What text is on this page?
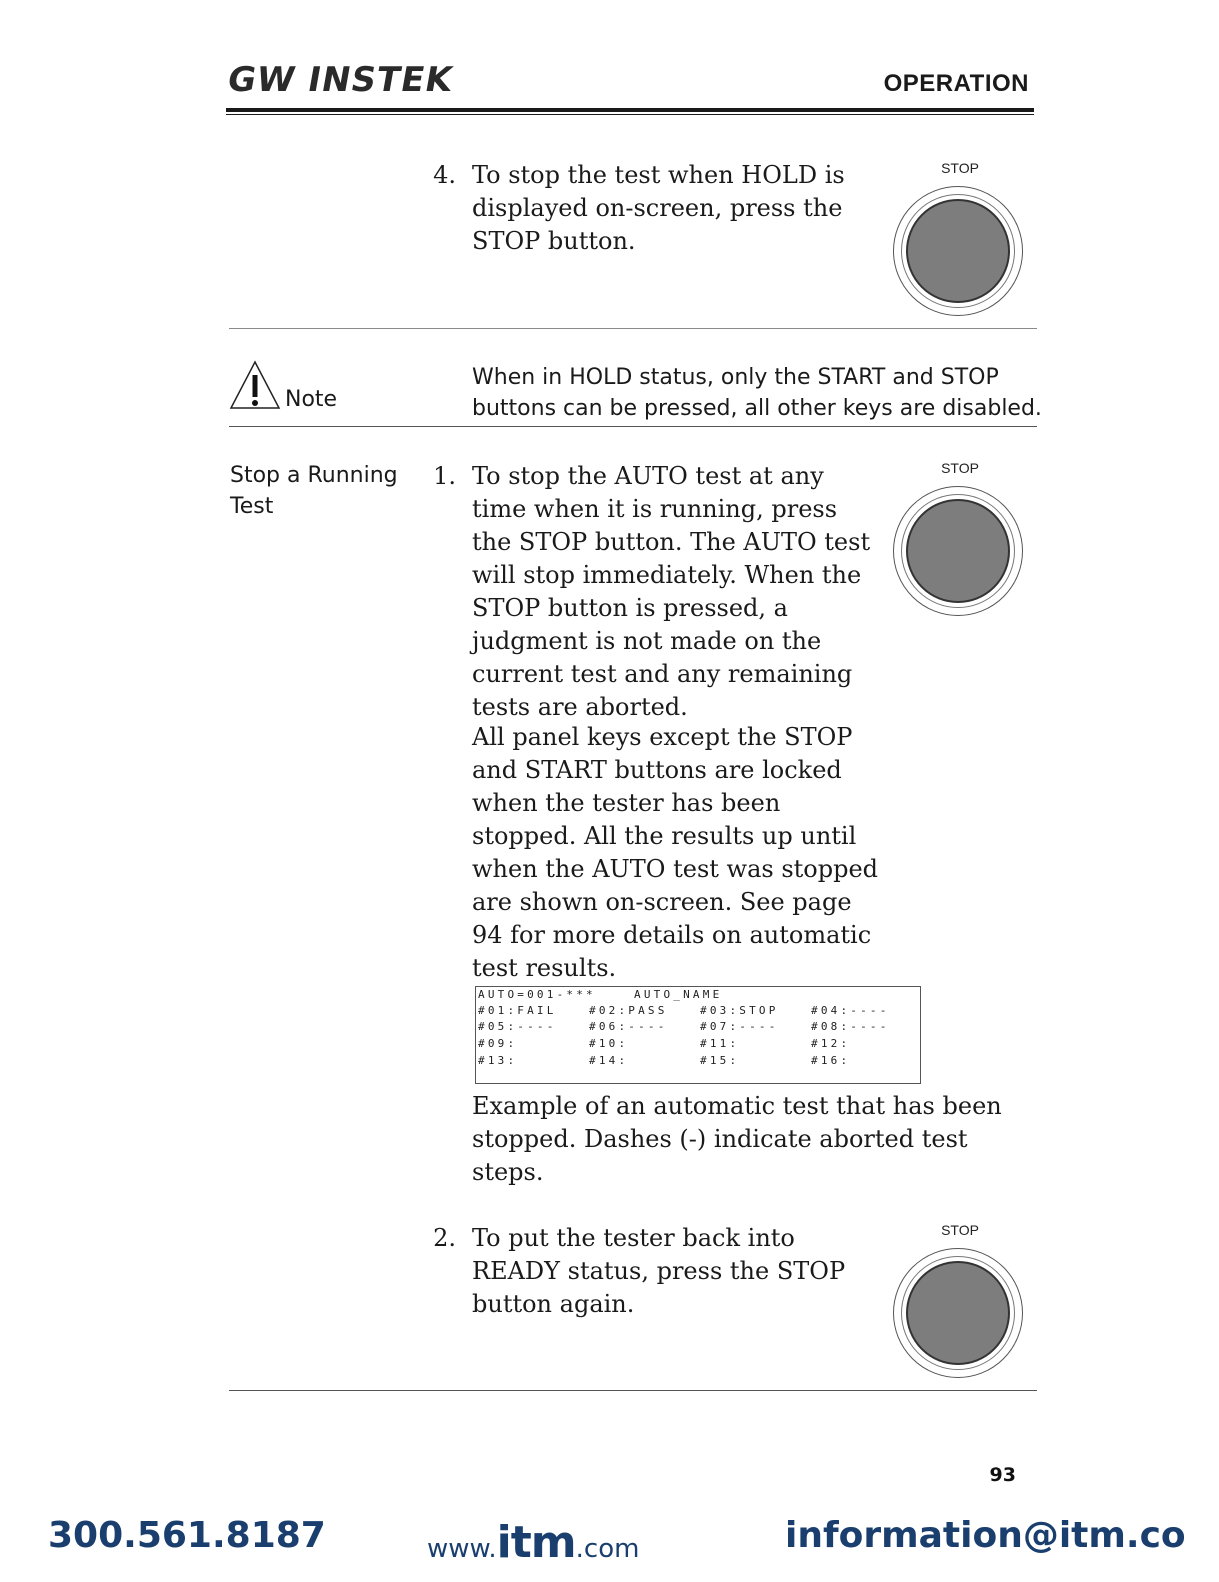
GW INSTEK	OPERATION
4. To stop the test when HOLD is displayed on-screen, press the STOP button.

STOP
Note
When in HOLD status, only the START and STOP buttons can be pressed, all other keys are disabled.
Stop a Running Test
1. To stop the AUTO test at any time when it is running, press the STOP button. The AUTO test will stop immediately. When the STOP button is pressed, a judgment is not made on the current test and any remaining tests are aborted.

STOP

All panel keys except the STOP and START buttons are locked when the tester has been stopped. All the results up until when the AUTO test was stopped are shown on-screen. See page 94 for more details on automatic test results.

AUTO=001-***	AUTO_NAME
#01:FAIL	#02:PASS	#03:STOP	#04:----
#05:----	#06:----	#07:----	#08:----
#09:	#10:	#11:	#12:
#13:	#14:	#15:	#16:
Example of an automatic test that has been stopped. Dashes (-) indicate aborted test steps.
2. To put the tester back into READY status, press the STOP button again.

STOP
93
300.561.8187	www.itm.com	information@itm.co
